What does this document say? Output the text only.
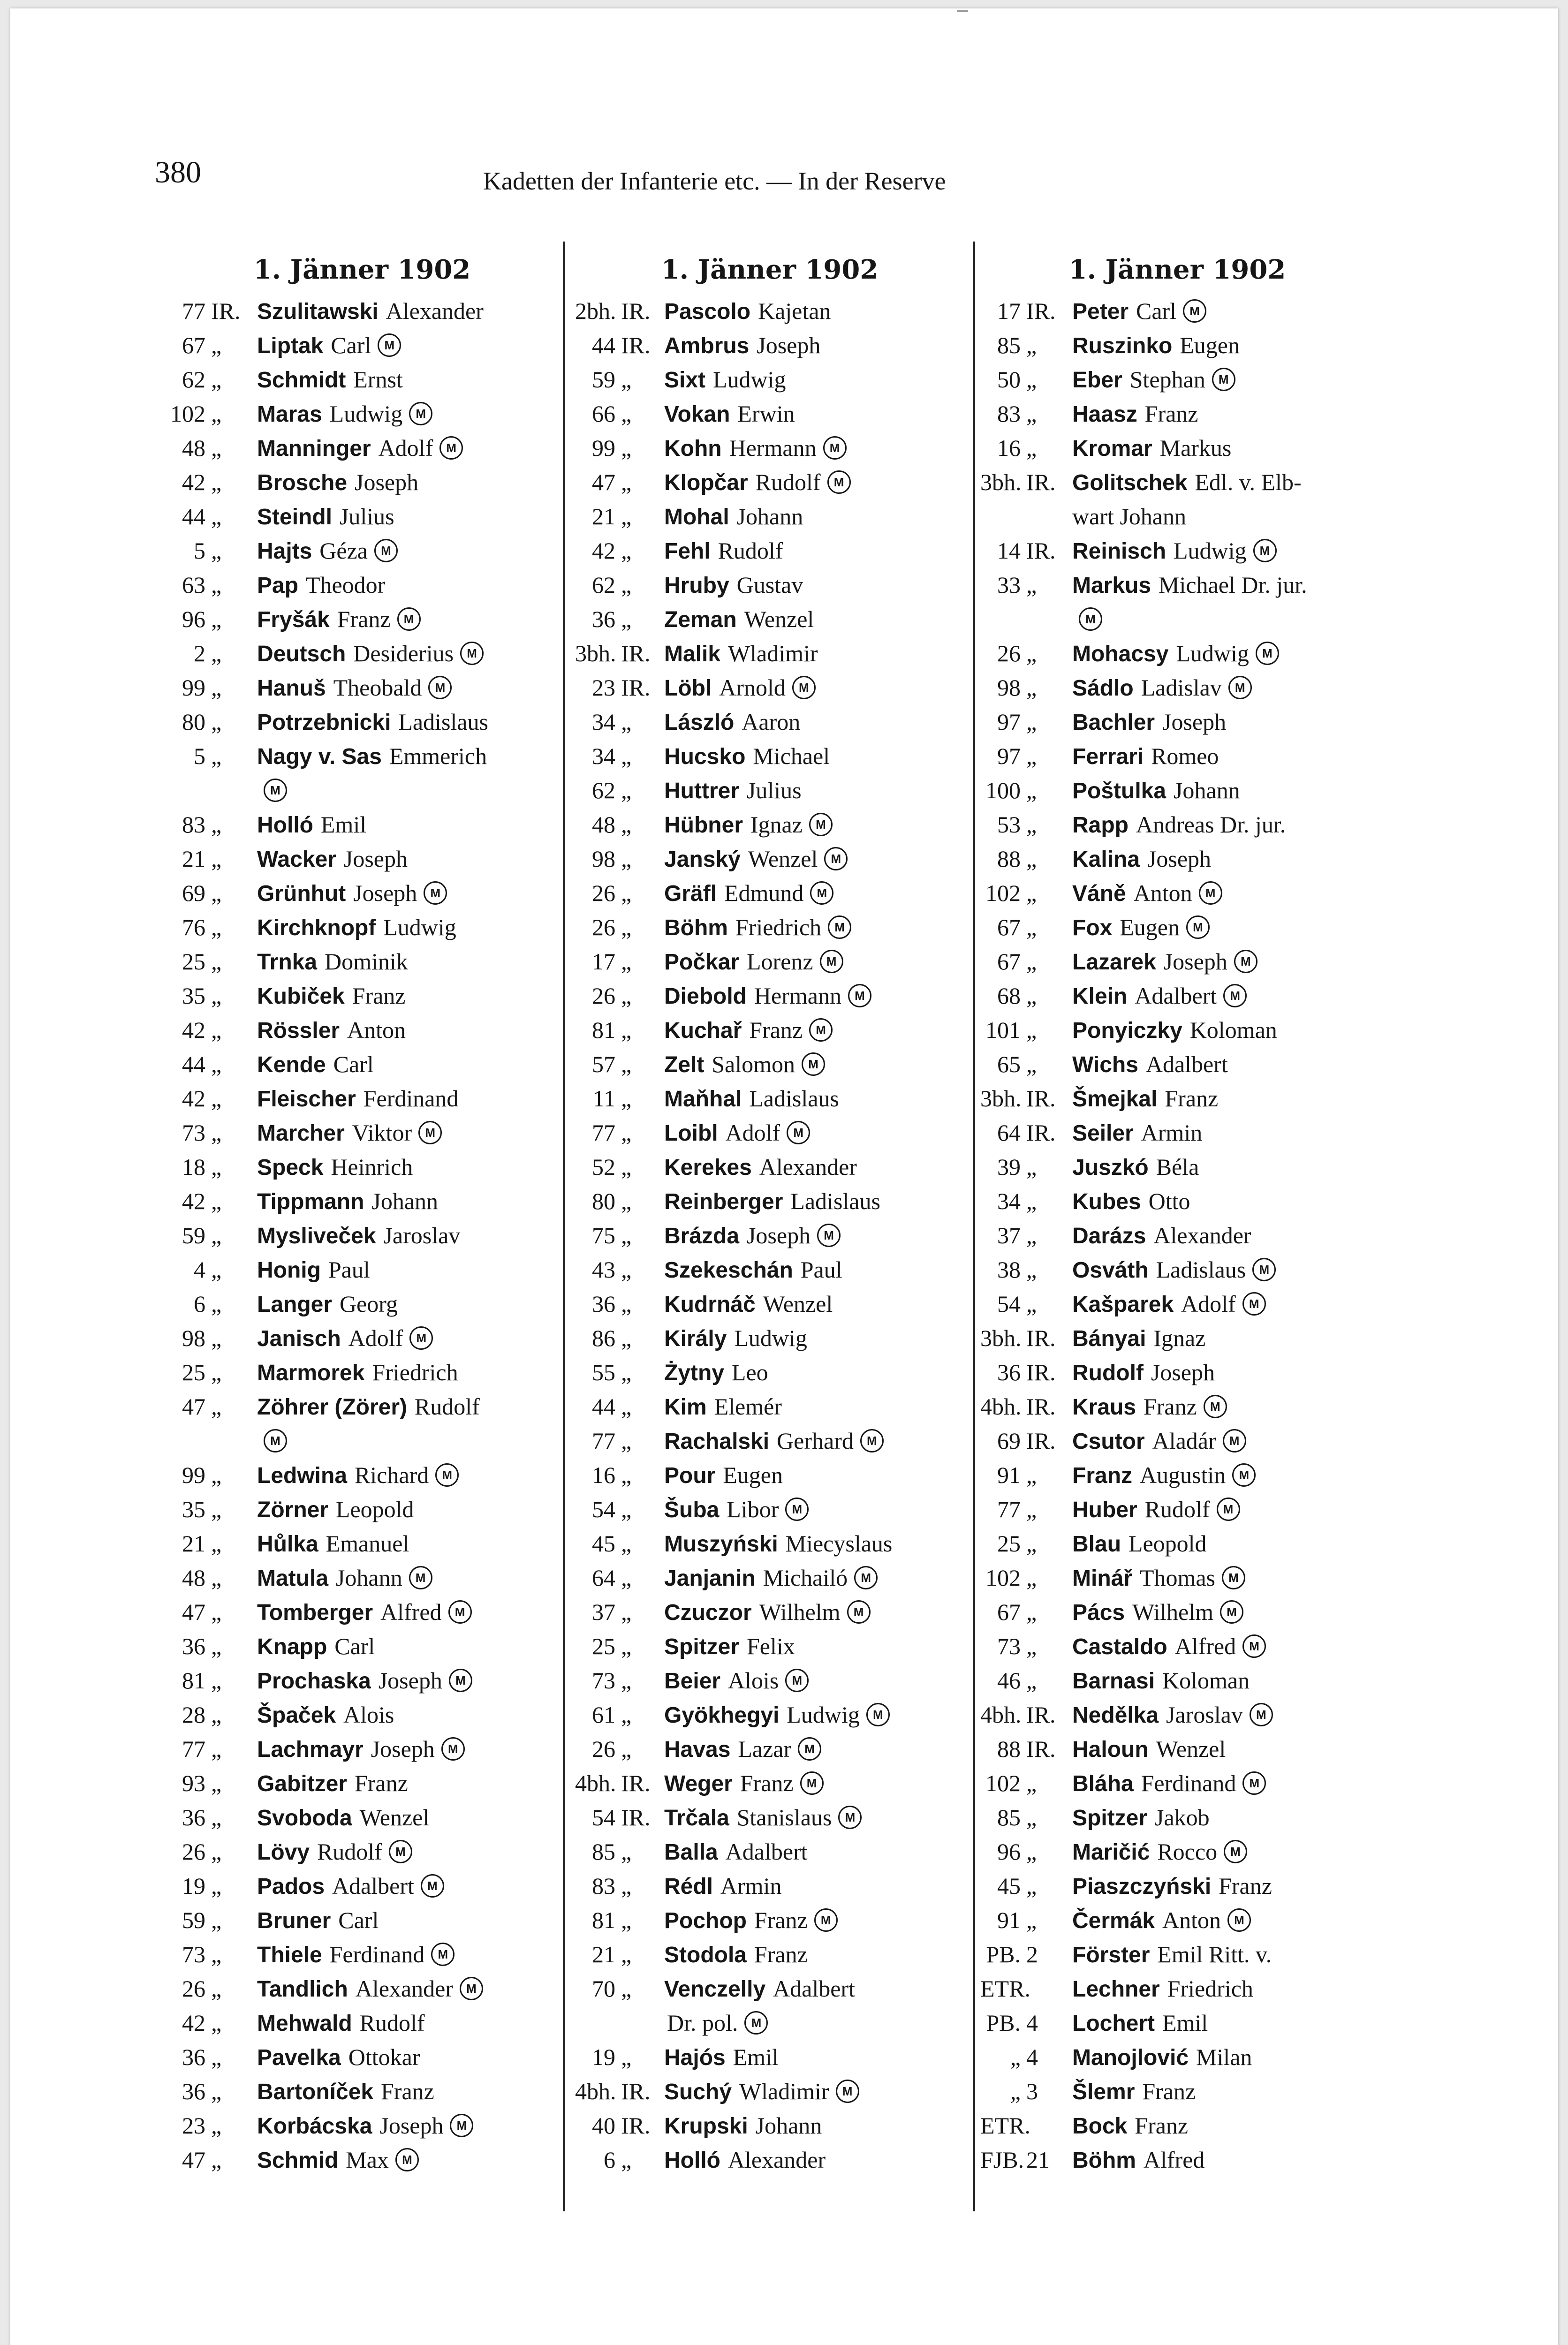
380	Kadetten der Infanterie etc. — In der Reserve
1. Jänner 1902
77 IR. Szulitawski Alexander
67 „ Liptak Carl M
62 „ Schmidt Ernst
102 „ Maras Ludwig M
48 „ Manninger Adolf M
42 „ Brosche Joseph
44 „ Steindl Julius
5 „ Hajts Géza M
63 „ Pap Theodor
96 „ Fryšák Franz M
2 „ Deutsch Desiderius M
99 „ Hanuš Theobald M
80 „ Potrzebnicki Ladislaus
5 „ Nagy v. Sas Emmerich
M
83 „ Holló Emil
21 „ Wacker Joseph
69 „ Grünhut Joseph M
76 „ Kirchknopf Ludwig
25 „ Trnka Dominik
35 „ Kubiček Franz
42 „ Rössler Anton
44 „ Kende Carl
42 „ Fleischer Ferdinand
73 „ Marcher Viktor M
18 „ Speck Heinrich
42 „ Tippmann Johann
59 „ Mysliveček Jaroslav
4 „ Honig Paul
6 „ Langer Georg
98 „ Janisch Adolf M
25 „ Marmorek Friedrich
47 „ Zöhrer (Zörer) Rudolf
M
99 „ Ledwina Richard M
35 „ Zörner Leopold
21 „ Hůlka Emanuel
48 „ Matula Johann M
47 „ Tomberger Alfred M
36 „ Knapp Carl
81 „ Prochaska Joseph M
28 „ Špaček Alois
77 „ Lachmayr Joseph M
93 „ Gabitzer Franz
36 „ Svoboda Wenzel
26 „ Lövy Rudolf M
19 „ Pados Adalbert M
59 „ Bruner Carl
73 „ Thiele Ferdinand M
26 „ Tandlich Alexander M
42 „ Mehwald Rudolf
36 „ Pavelka Ottokar
36 „ Bartoníček Franz
23 „ Korbácska Joseph M
47 „ Schmid Max M
1. Jänner 1902
2bh. IR. Pascolo Kajetan
44 IR. Ambrus Joseph
59 „ Sixt Ludwig
66 „ Vokan Erwin
99 „ Kohn Hermann M
47 „ Klopčar Rudolf M
21 „ Mohal Johann
42 „ Fehl Rudolf
62 „ Hruby Gustav
36 „ Zeman Wenzel
3bh. IR. Malik Wladimir
23 IR. Löbl Arnold M
34 „ László Aaron
34 „ Hucsko Michael
62 „ Huttrer Julius
48 „ Hübner Ignaz M
98 „ Janský Wenzel M
26 „ Gräfl Edmund M
26 „ Böhm Friedrich M
17 „ Počkar Lorenz M
26 „ Diebold Hermann M
81 „ Kuchař Franz M
57 „ Zelt Salomon M
11 „ Maňhal Ladislaus
77 „ Loibl Adolf M
52 „ Kerekes Alexander
80 „ Reinberger Ladislaus
75 „ Brázda Joseph M
43 „ Szekeschán Paul
36 „ Kudrnáč Wenzel
86 „ Király Ludwig
55 „ Żytny Leo
44 „ Kim Elemér
77 „ Rachalski Gerhard M
16 „ Pour Eugen
54 „ Šuba Libor M
45 „ Muszyński Miecyslaus
64 „ Janjanin Michailó M
37 „ Czuczor Wilhelm M
25 „ Spitzer Felix
73 „ Beier Alois M
61 „ Gyökhegyi Ludwig M
26 „ Havas Lazar M
4bh. IR. Weger Franz M
54 IR. Trčala Stanislaus M
85 „ Balla Adalbert
83 „ Rédl Armin
81 „ Pochop Franz M
21 „ Stodola Franz
70 „ Venczelly Adalbert
Dr. pol. M
19 „ Hajós Emil
4bh. IR. Suchý Wladimir M
40 IR. Krupski Johann
6 „ Holló Alexander
1. Jänner 1902
17 IR. Peter Carl M
85 „ Ruszinko Eugen
50 „ Eber Stephan M
83 „ Haasz Franz
16 „ Kromar Markus
3bh. IR. Golitschek Edl. v. Elb-
wart Johann
14 IR. Reinisch Ludwig M
33 „ Markus Michael Dr. jur.
M
26 „ Mohacsy Ludwig M
98 „ Sádlo Ladislav M
97 „ Bachler Joseph
97 „ Ferrari Romeo
100 „ Poštulka Johann
53 „ Rapp Andreas Dr. jur.
88 „ Kalina Joseph
102 „ Váně Anton M
67 „ Fox Eugen M
67 „ Lazarek Joseph M
68 „ Klein Adalbert M
101 „ Ponyiczky Koloman
65 „ Wichs Adalbert
3bh. IR. Šmejkal Franz
64 IR. Seiler Armin
39 „ Juszkó Béla
34 „ Kubes Otto
37 „ Darázs Alexander
38 „ Osváth Ladislaus M
54 „ Kašparek Adolf M
3bh. IR. Bányai Ignaz
36 IR. Rudolf Joseph
4bh. IR. Kraus Franz M
69 IR. Csutor Aladár M
91 „ Franz Augustin M
77 „ Huber Rudolf M
25 „ Blau Leopold
102 „ Minář Thomas M
67 „ Pács Wilhelm M
73 „ Castaldo Alfred M
46 „ Barnasi Koloman
4bh. IR. Nedělka Jaroslav M
88 IR. Haloun Wenzel
102 „ Bláha Ferdinand M
85 „ Spitzer Jakob
96 „ Maričić Rocco M
45 „ Piaszczyński Franz
91 „ Čermák Anton M
PB. 2 Förster Emil Ritt. v.
ETR. Lechner Friedrich
PB. 4 Lochert Emil
„ 4 Manojlović Milan
„ 3 Šlemr Franz
ETR. Bock Franz
FJB.21 Böhm Alfred
